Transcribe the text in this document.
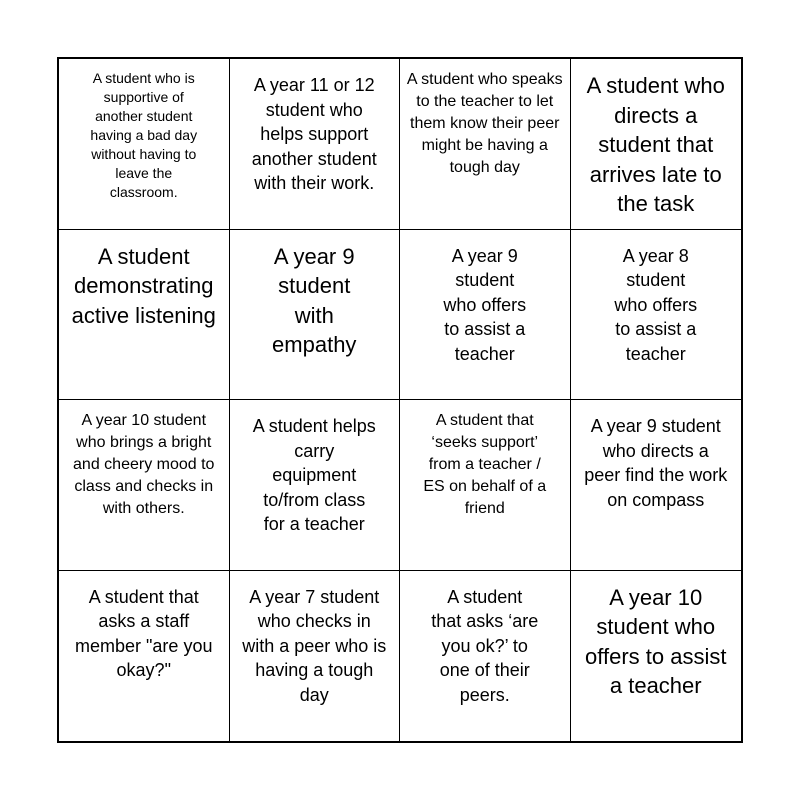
A student who is supportive of another student having a bad day without having to leave the classroom.
A year 11 or 12 student who helps support another student with their work.
A student who speaks to the teacher to let them know their peer might be having a tough day
A student who directs a student that arrives late to the task
A student demonstrating active listening
A year 9 student with empathy
A year 9 student who offers to assist a teacher
A year 8 student who offers to assist a teacher
A year 10 student who brings a bright and cheery mood to class and checks in with others.
A student helps carry equipment to/from class for a teacher
A student that ‘seeks support’ from a teacher / ES on behalf of a friend
A year 9 student who directs a peer find the work on compass
A student that asks a staff member "are you okay?"
A year 7 student who checks in with a peer who is having a tough day
A student that asks ‘are you ok?’ to one of their peers.
A year 10 student who offers to assist a teacher
